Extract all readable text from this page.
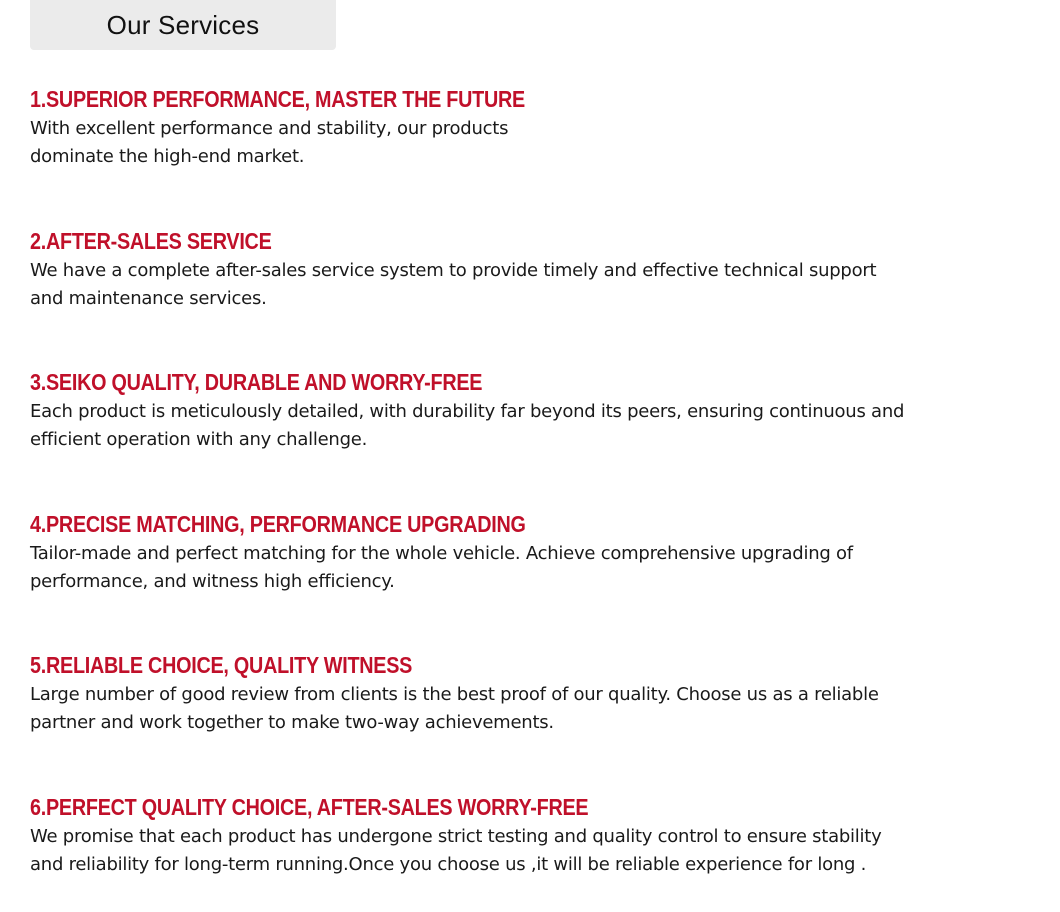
Our Services
1.SUPERIOR PERFORMANCE, MASTER THE FUTURE
With excellent performance and stability, our products
dominate the high-end market.
2.AFTER-SALES SERVICE
We have a complete after-sales service system to provide timely and effective technical support
and maintenance services.
3.SEIKO QUALITY, DURABLE AND WORRY-FREE
Each product is meticulously detailed, with durability far beyond its peers, ensuring continuous and
efficient operation with any challenge.
4.PRECISE MATCHING, PERFORMANCE UPGRADING
Tailor-made and perfect matching for the whole vehicle. Achieve comprehensive upgrading of
performance, and witness high efficiency.
5.RELIABLE CHOICE, QUALITY WITNESS
Large number of good review from clients is the best proof of our quality. Choose us as a reliable
partner and work together to make two-way achievements.
6.PERFECT QUALITY CHOICE, AFTER-SALES WORRY-FREE
We promise that each product has undergone strict testing and quality control to ensure stability
and reliability for long-term running.Once you choose us ,it will be reliable experience for long .
